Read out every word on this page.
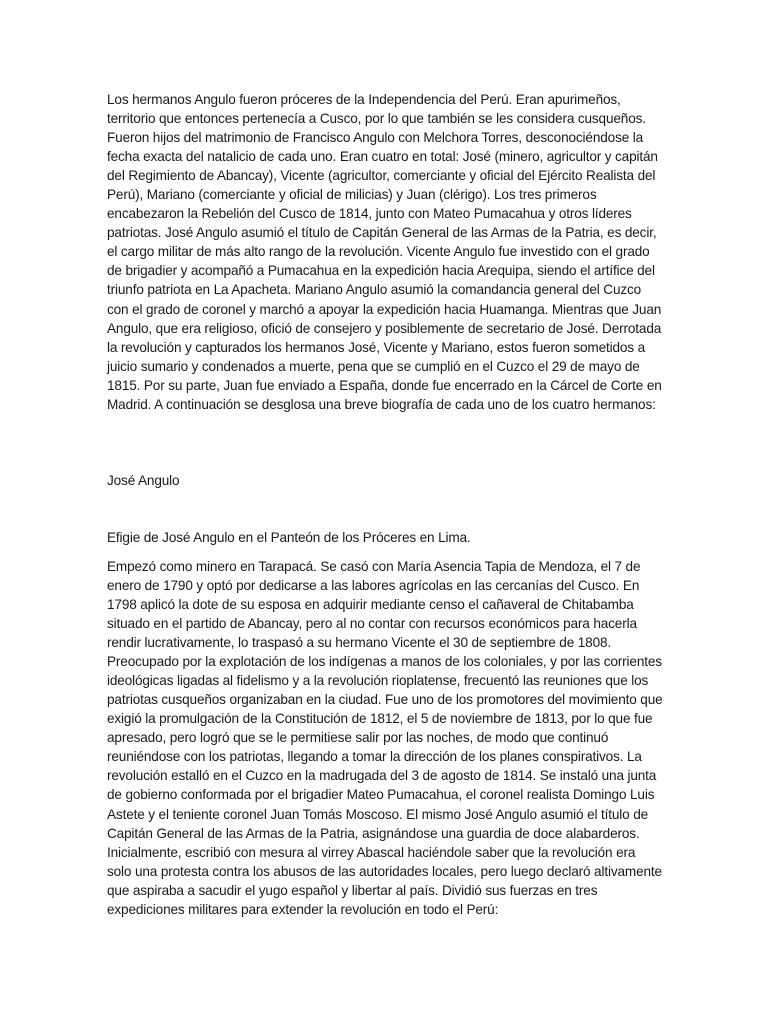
Los hermanos Angulo fueron próceres de la Independencia del Perú. Eran apurimeños, territorio que entonces pertenecía a Cusco, por lo que también se les considera cusqueños. Fueron hijos del matrimonio de Francisco Angulo con Melchora Torres, desconociéndose la fecha exacta del natalicio de cada uno. Eran cuatro en total: José (minero, agricultor y capitán del Regimiento de Abancay), Vicente (agricultor, comerciante y oficial del Ejército Realista del Perú), Mariano (comerciante y oficial de milicias) y Juan (clérigo). Los tres primeros encabezaron la Rebelión del Cusco de 1814, junto con Mateo Pumacahua y otros líderes patriotas. José Angulo asumió el título de Capitán General de las Armas de la Patria, es decir, el cargo militar de más alto rango de la revolución. Vicente Angulo fue investido con el grado de brigadier y acompañó a Pumacahua en la expedición hacia Arequipa, siendo el artífice del triunfo patriota en La Apacheta. Mariano Angulo asumió la comandancia general del Cuzco con el grado de coronel y marchó a apoyar la expedición hacia Huamanga. Mientras que Juan Angulo, que era religioso, ofició de consejero y posiblemente de secretario de José. Derrotada la revolución y capturados los hermanos José, Vicente y Mariano, estos fueron sometidos a juicio sumario y condenados a muerte, pena que se cumplió en el Cuzco el 29 de mayo de 1815. Por su parte, Juan fue enviado a España, donde fue encerrado en la Cárcel de Corte en Madrid. A continuación se desglosa una breve biografía de cada uno de los cuatro hermanos:

José Angulo

Efigie de José Angulo en el Panteón de los Próceres en Lima.

Empezó como minero en Tarapacá. Se casó con María Asencia Tapia de Mendoza, el 7 de enero de 1790 y optó por dedicarse a las labores agrícolas en las cercanías del Cusco. En 1798 aplicó la dote de su esposa en adquirir mediante censo el cañaveral de Chitabamba situado en el partido de Abancay, pero al no contar con recursos económicos para hacerla rendir lucrativamente, lo traspasó a su hermano Vicente el 30 de septiembre de 1808. Preocupado por la explotación de los indígenas a manos de los coloniales, y por las corrientes ideológicas ligadas al fidelismo y a la revolución rioplatense, frecuentó las reuniones que los patriotas cusqueños organizaban en la ciudad. Fue uno de los promotores del movimiento que exigió la promulgación de la Constitución de 1812, el 5 de noviembre de 1813, por lo que fue apresado, pero logró que se le permitiese salir por las noches, de modo que continuó reuniéndose con los patriotas, llegando a tomar la dirección de los planes conspirativos. La revolución estalló en el Cuzco en la madrugada del 3 de agosto de 1814. Se instaló una junta de gobierno conformada por el brigadier Mateo Pumacahua, el coronel realista Domingo Luis Astete y el teniente coronel Juan Tomás Moscoso. El mismo José Angulo asumió el título de Capitán General de las Armas de la Patria, asignándose una guardia de doce alabarderos. Inicialmente, escribió con mesura al virrey Abascal haciéndole saber que la revolución era solo una protesta contra los abusos de las autoridades locales, pero luego declaró altivamente que aspiraba a sacudir el yugo español y libertar al país. Dividió sus fuerzas en tres expediciones militares para extender la revolución en todo el Perú:
